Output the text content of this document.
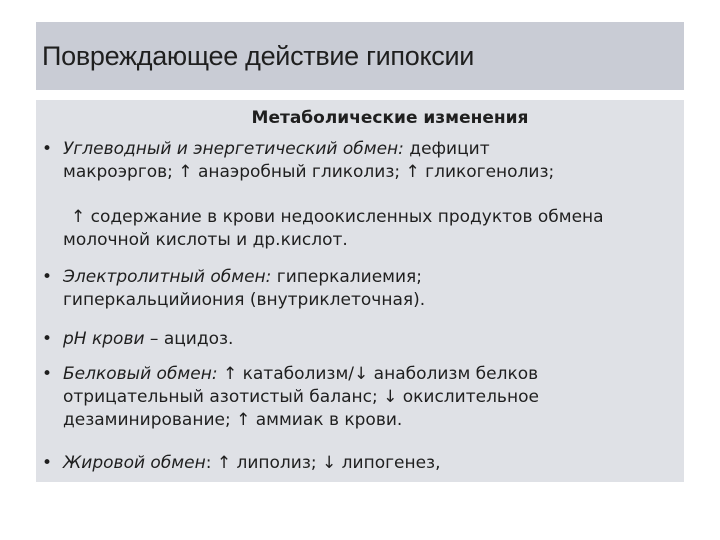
Повреждающее действие гипоксии
Метаболические изменения
• Углеводный и энергетический обмен: дефицит
макроэргов; ↑ анаэробный гликолиз; ↑ гликогенолиз;
↑ содержание в крови недоокисленных продуктов обмена
молочной кислоты и др.кислот.
• Электролитный обмен: гиперкалиемия;
гиперкальцийиония (внутриклеточная).
• рН крови – ацидоз.
• Белковый обмен: ↑ катаболизм/↓ анаболизм белков
отрицательный азотистый баланс; ↓ окислительное
дезаминирование; ↑ аммиак в крови.
• Жировой обмен: ↑ липолиз; ↓ липогенез,
